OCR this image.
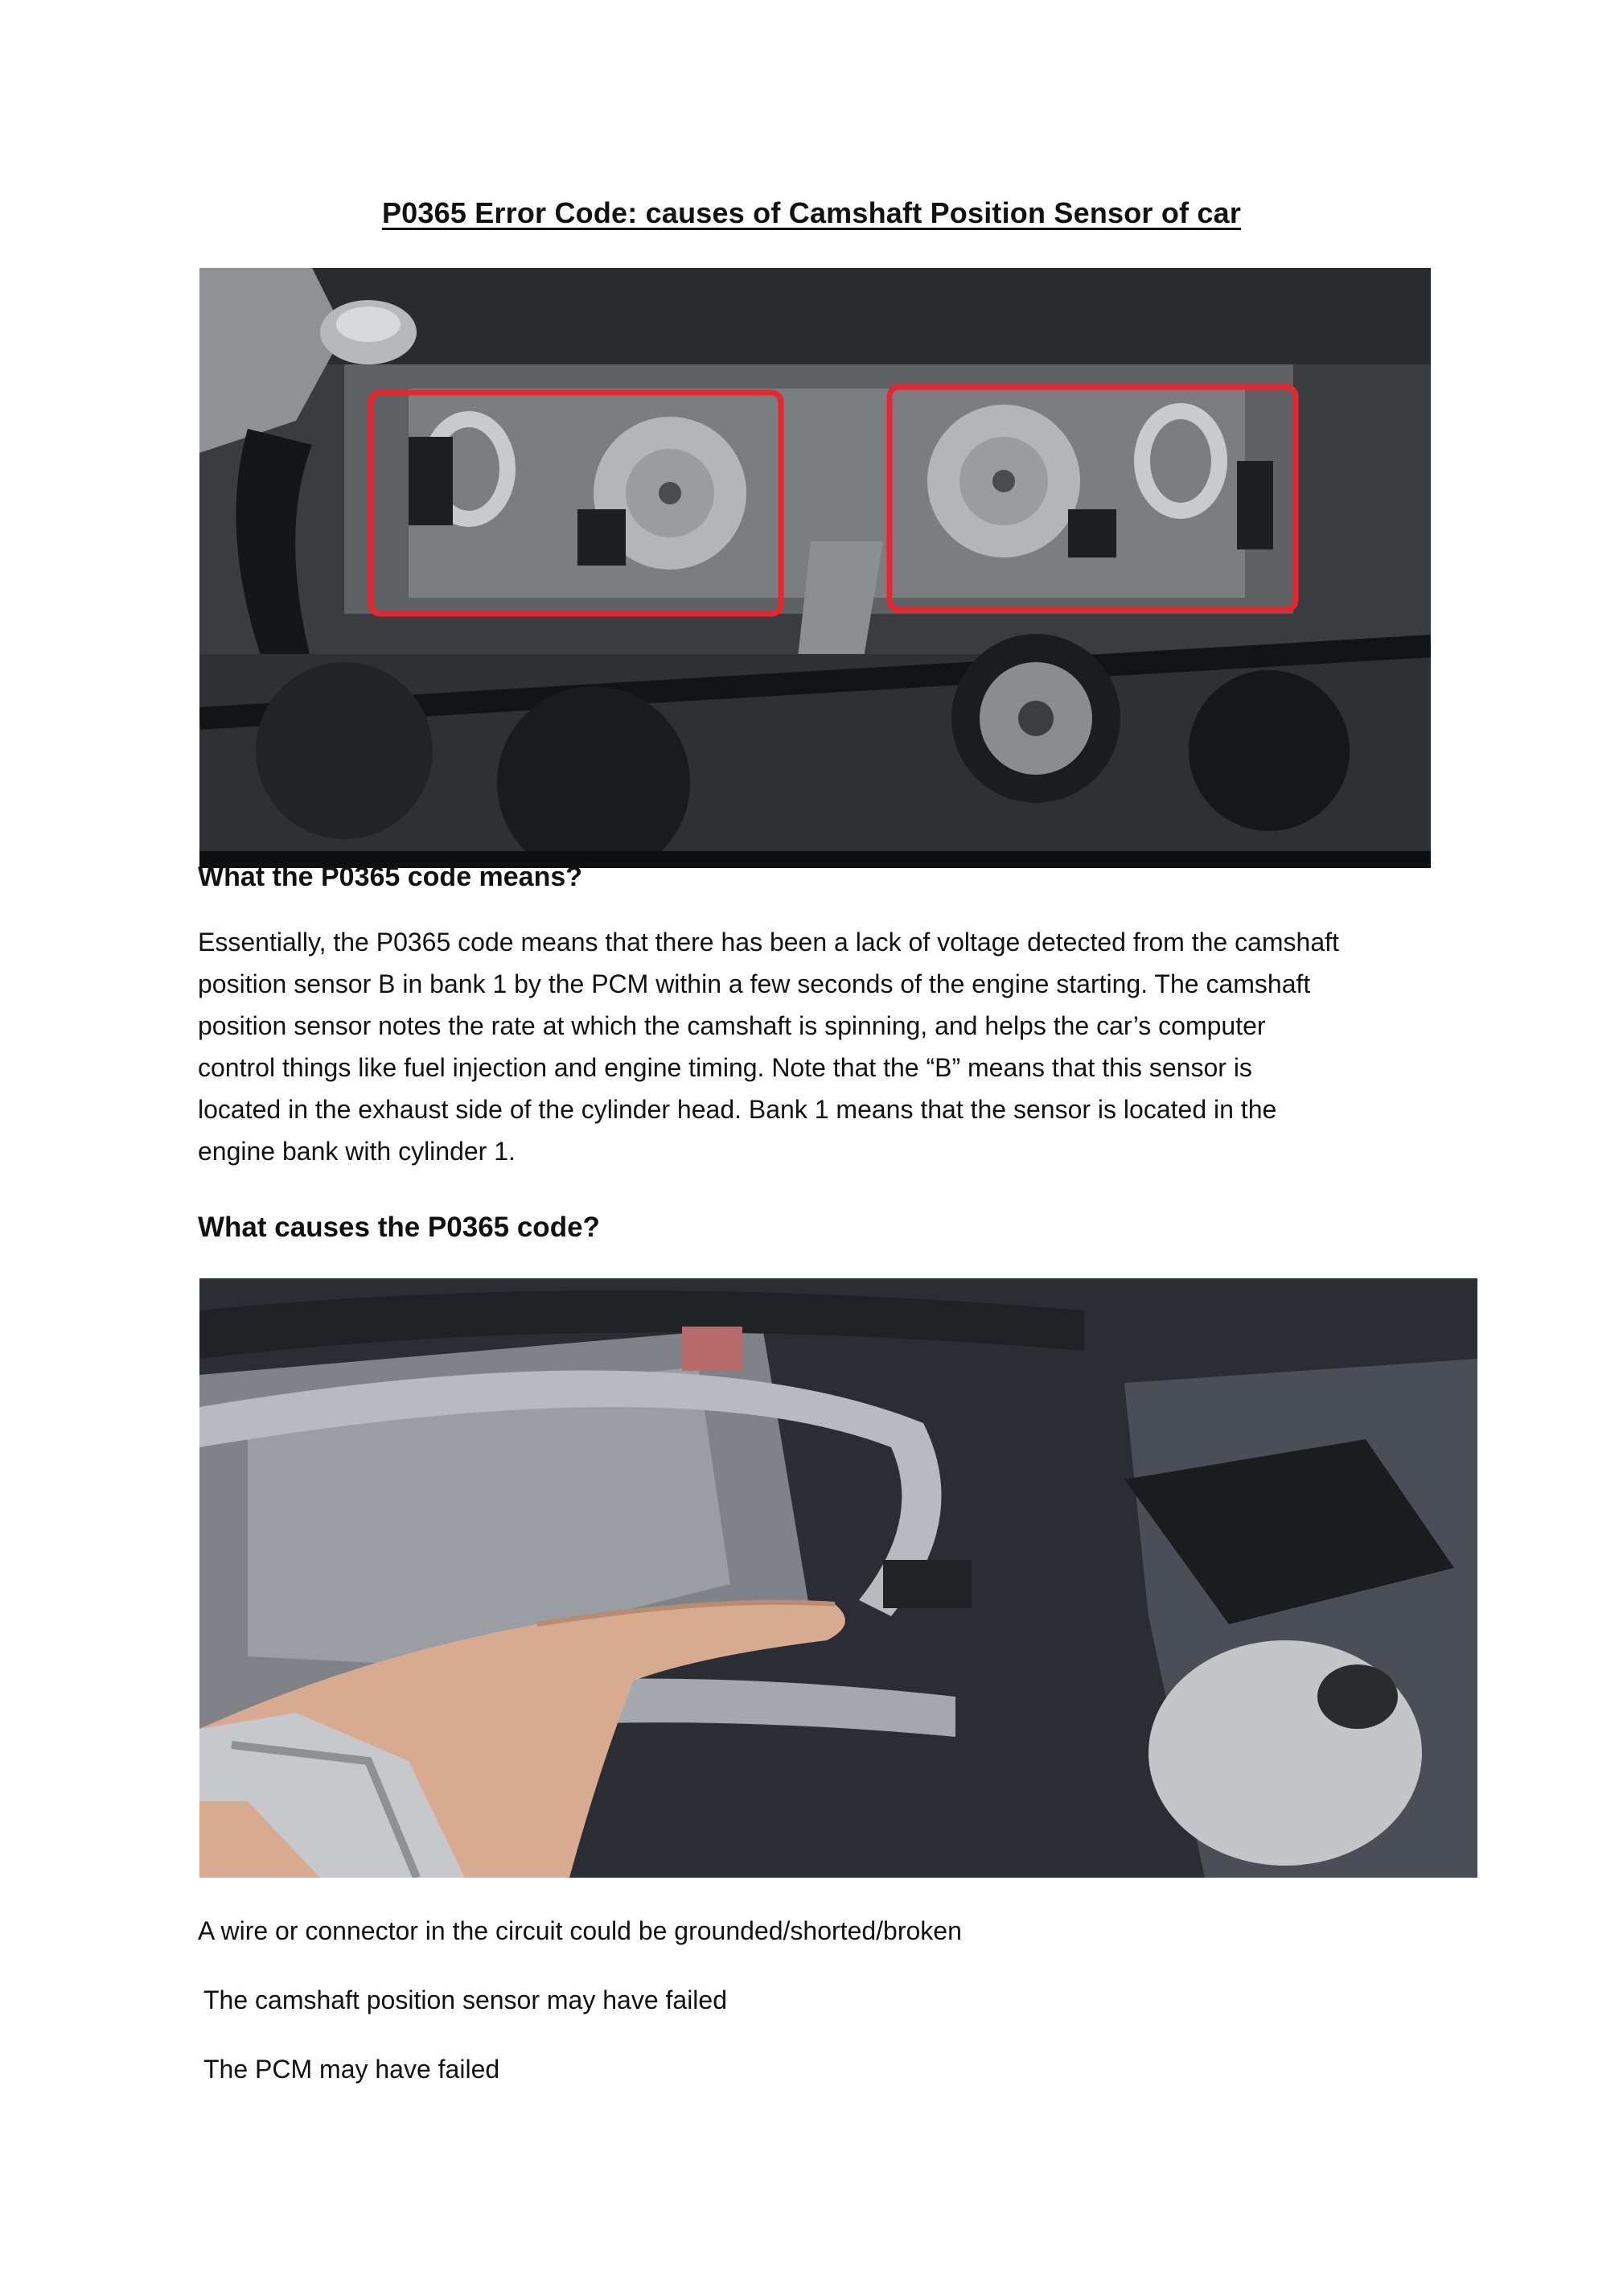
P0365 Error Code: causes of Camshaft Position Sensor of car
What the P0365 code means?

Essentially, the P0365 code means that there has been a lack of voltage detected from the camshaft

position sensor B in bank 1 by the PCM within a few seconds of the engine starting. The camshaft

position sensor notes the rate at which the camshaft is spinning, and helps the car’s computer

control things like fuel injection and engine timing. Note that the “B” means that this sensor is

located in the exhaust side of the cylinder head. Bank 1 means that the sensor is located in the

engine bank with cylinder 1.

What causes the P0365 code?
A wire or connector in the circuit could be grounded/shorted/broken
The camshaft position sensor may have failed
The PCM may have failed
